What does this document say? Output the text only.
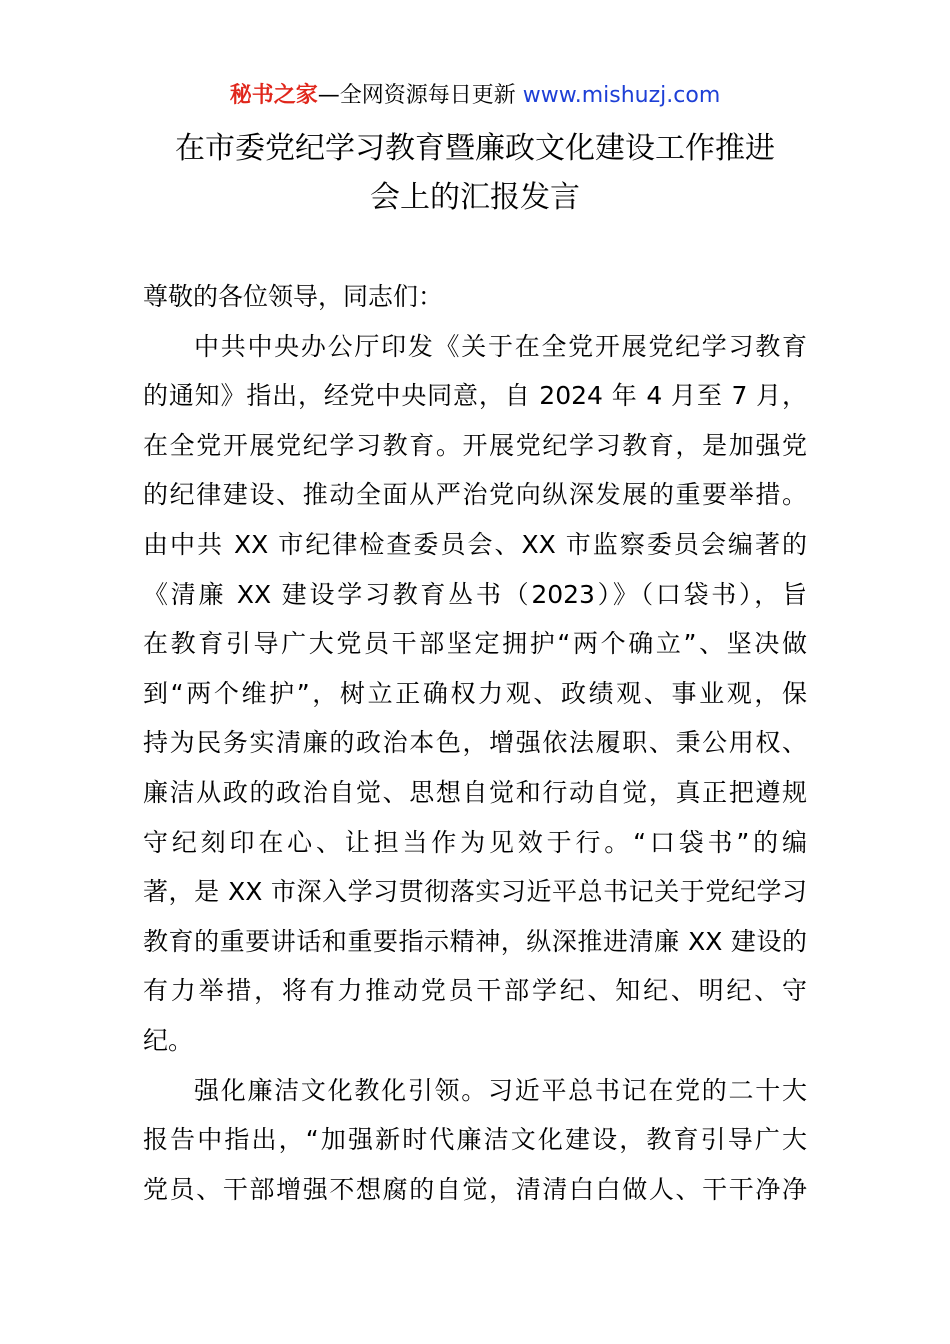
秘书之家—全网资源每日更新 www.mishuzj.com
在市委党纪学习教育暨廉政文化建设工作推进
会上的汇报发言
尊敬的各位领导，同志们：
中共中央办公厅印发《关于在全党开展党纪学习教育
的通知》指出，经党中央同意，自 2024 年 4 月至 7 月，
在全党开展党纪学习教育。开展党纪学习教育，是加强党
的纪律建设、推动全面从严治党向纵深发展的重要举措。
由中共 XX 市纪律检查委员会、XX 市监察委员会编著的
《清廉 XX 建设学习教育丛书（2023）》（口袋书），旨
在教育引导广大党员干部坚定拥护“两个确立”、坚决做
到“两个维护”，树立正确权力观、政绩观、事业观，保
持为民务实清廉的政治本色，增强依法履职、秉公用权、
廉洁从政的政治自觉、思想自觉和行动自觉，真正把遵规
守纪刻印在心、让担当作为见效于行。“口袋书”的编
著，是 XX 市深入学习贯彻落实习近平总书记关于党纪学习
教育的重要讲话和重要指示精神，纵深推进清廉 XX 建设的
有力举措，将有力推动党员干部学纪、知纪、明纪、守
纪。
强化廉洁文化教化引领。习近平总书记在党的二十大
报告中指出，“加强新时代廉洁文化建设，教育引导广大
党员、干部增强不想腐的自觉，清清白白做人、干干净净
